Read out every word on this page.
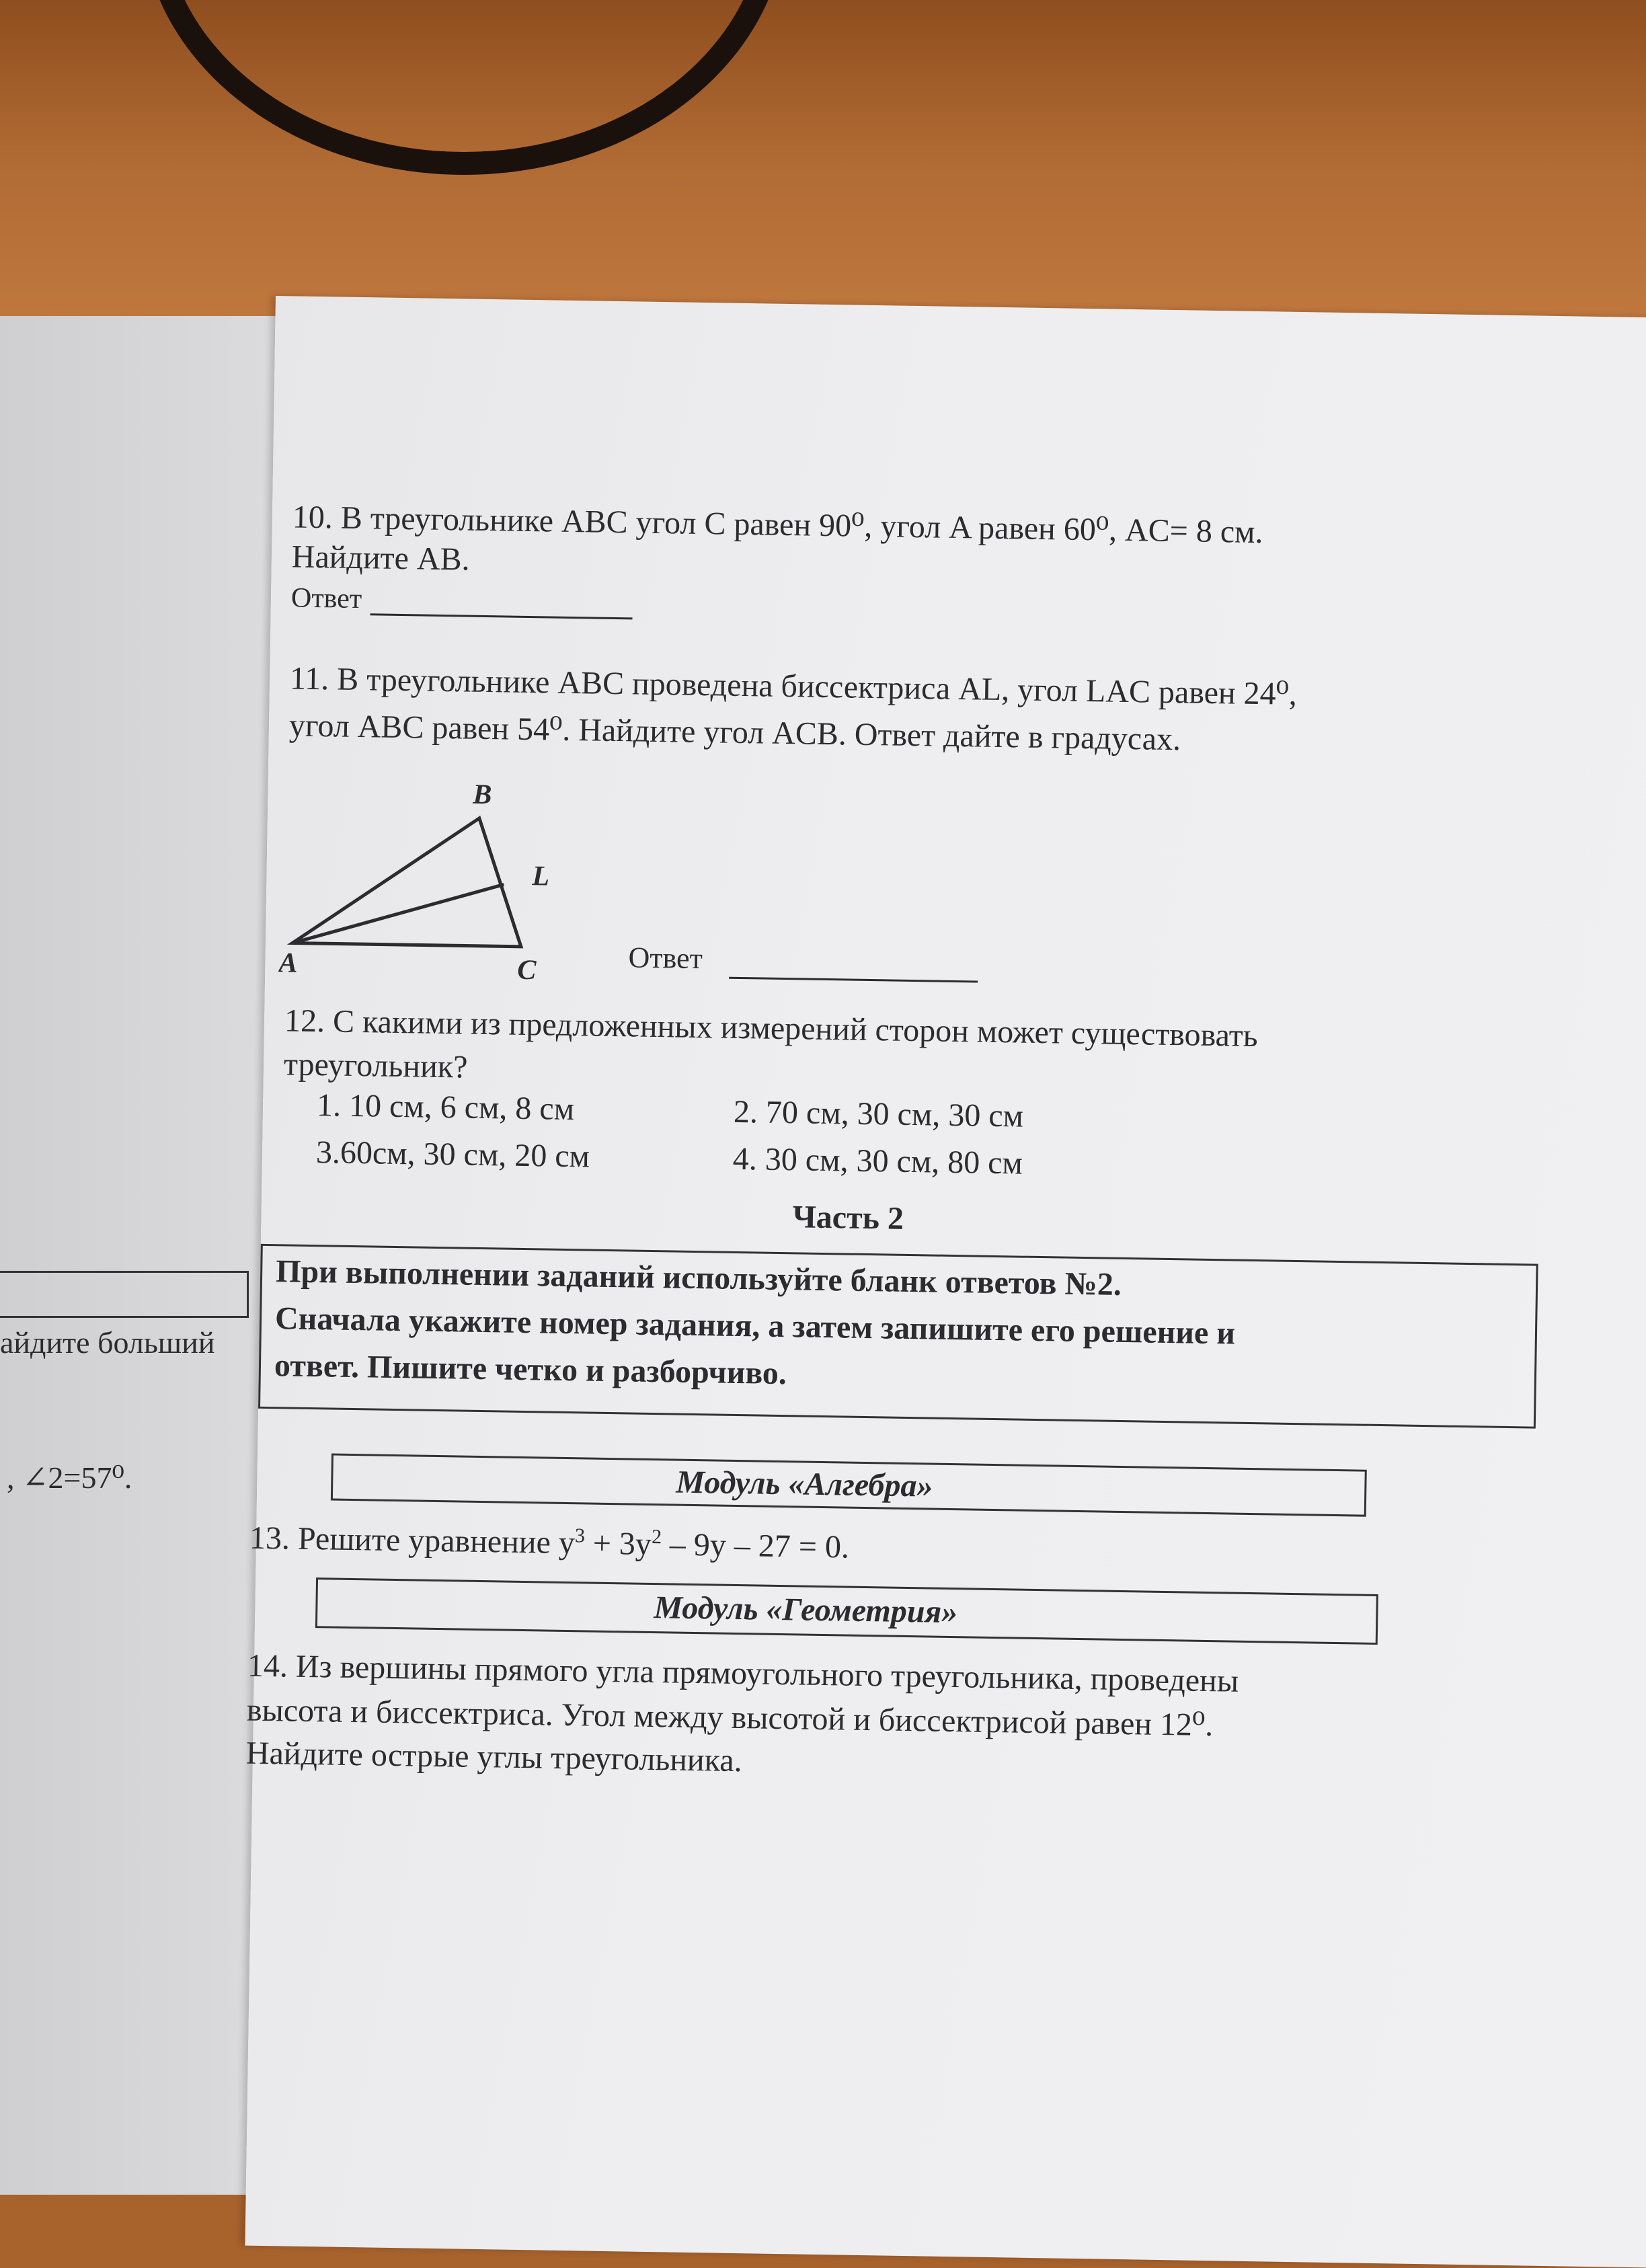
айдите больший
, ∠2=57⁰.
10. В треугольнике ABC угол C равен 90⁰, угол A равен 60⁰, AC= 8 см.
Найдите AB.
Ответ
11. В треугольнике ABC проведена биссектриса AL, угол LAC равен 24⁰,
угол ABC равен 54⁰. Найдите угол ACB. Ответ дайте в градусах.
B
L
A	C	Ответ
12. С какими из предложенных измерений сторон может существовать
треугольник?
1. 10 см, 6 см, 8 см	2. 70 см, 30 см, 30 см
3.60см, 30 см, 20 см	4. 30 см, 30 см, 80 см
Часть 2
При выполнении заданий используйте бланк ответов №2.
Сначала укажите номер задания, а затем запишите его решение и
ответ. Пишите четко и разборчиво.
Модуль «Алгебра»
13. Решите уравнение $y^3 + 3y^2 - 9y - 27 = 0$.
Модуль «Геометрия»
14. Из вершины прямого угла прямоугольного треугольника, проведены
высота и биссектриса. Угол между высотой и биссектрисой равен 12⁰.
Найдите острые углы треугольника.
